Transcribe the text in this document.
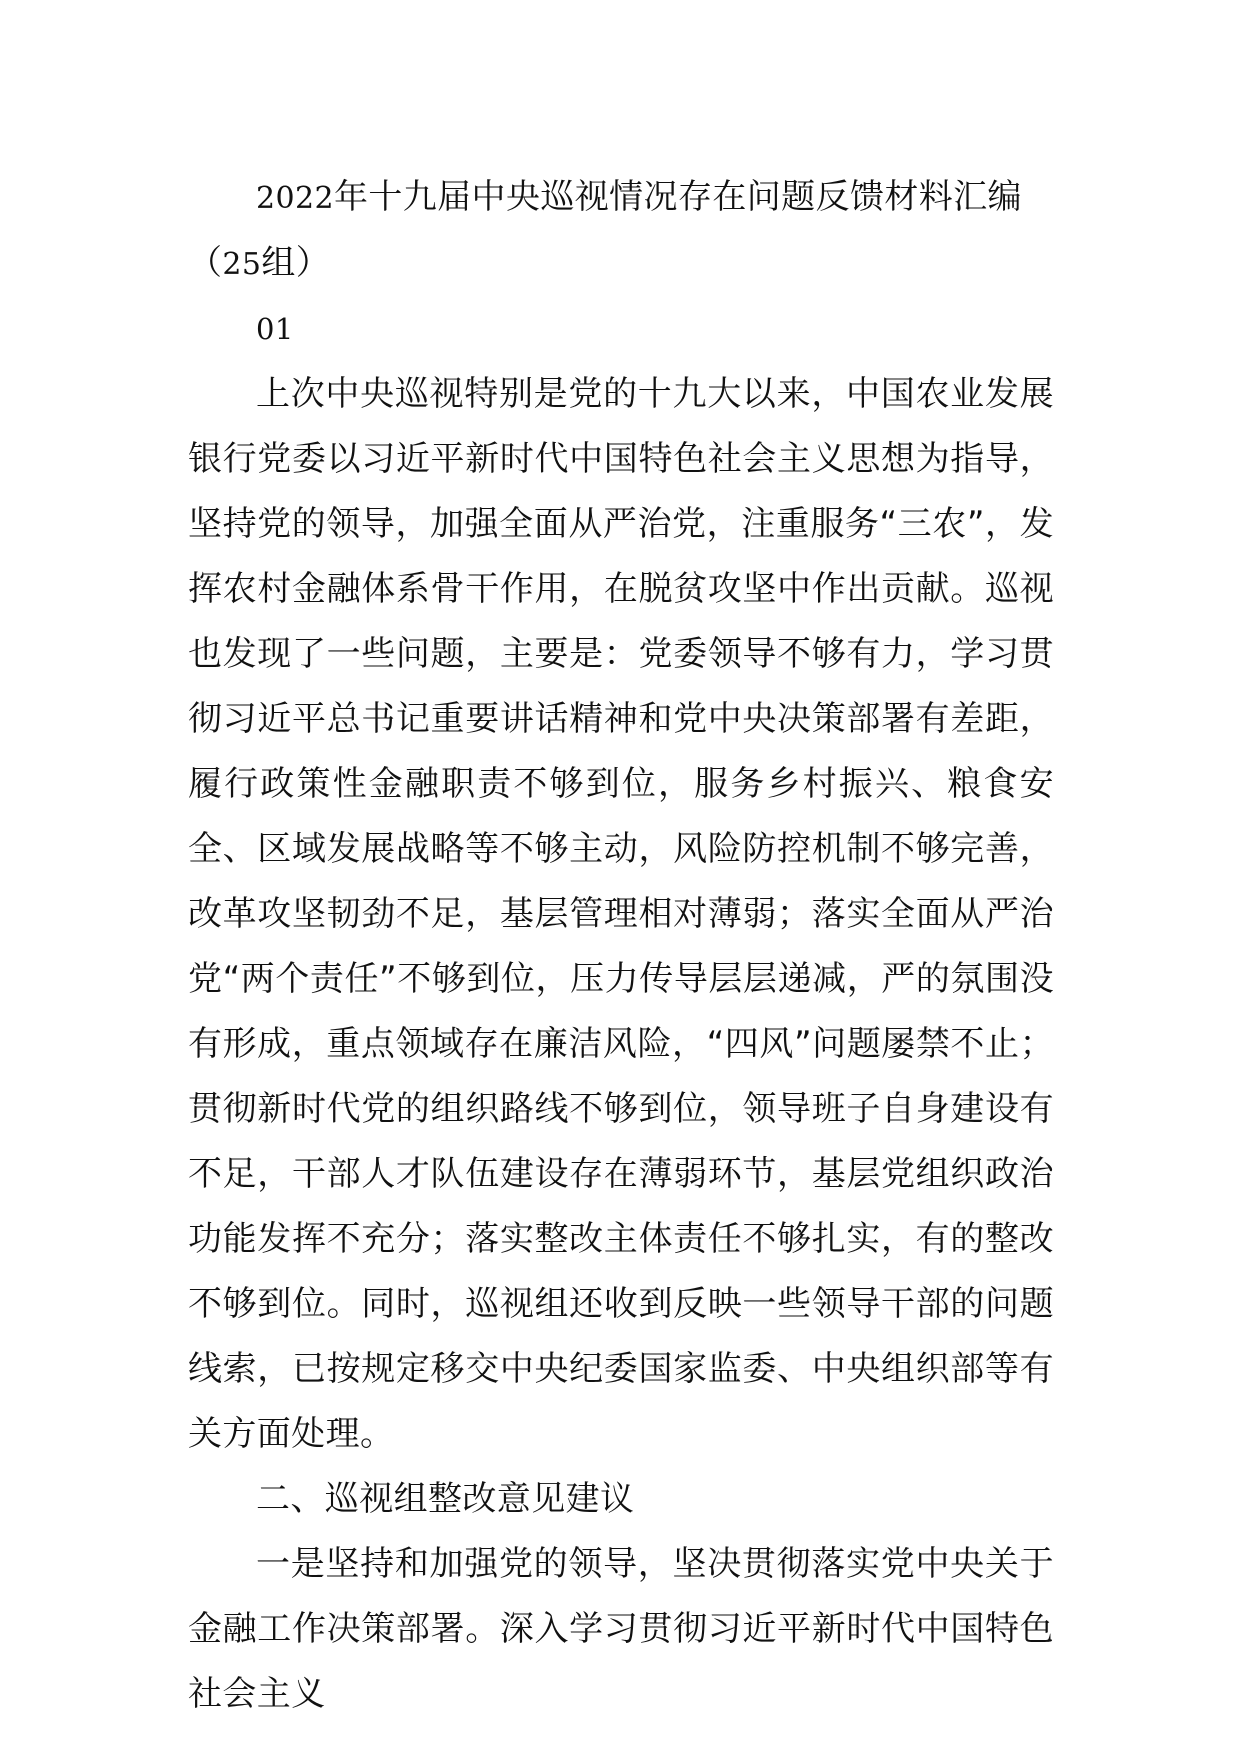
2022年十九届中央巡视情况存在问题反馈材料汇编（25组）

01

上次中央巡视特别是党的十九大以来，中国农业发展银行党委以习近平新时代中国特色社会主义思想为指导，坚持党的领导，加强全面从严治党，注重服务“三农”，发挥农村金融体系骨干作用，在脱贫攻坚中作出贡献。巡视也发现了一些问题，主要是：党委领导不够有力，学习贯彻习近平总书记重要讲话精神和党中央决策部署有差距，履行政策性金融职责不够到位，服务乡村振兴、粮食安全、区域发展战略等不够主动，风险防控机制不够完善，改革攻坚韧劲不足，基层管理相对薄弱；落实全面从严治党“两个责任”不够到位，压力传导层层递减，严的氛围没有形成，重点领域存在廉洁风险，“四风”问题屡禁不止；贯彻新时代党的组织路线不够到位，领导班子自身建设有不足，干部人才队伍建设存在薄弱环节，基层党组织政治功能发挥不充分；落实整改主体责任不够扎实，有的整改不够到位。同时，巡视组还收到反映一些领导干部的问题线索，已按规定移交中央纪委国家监委、中央组织部等有关方面处理。

二、巡视组整改意见建议

一是坚持和加强党的领导，坚决贯彻落实党中央关于金融工作决策部署。深入学习贯彻习近平新时代中国特色社会主义
